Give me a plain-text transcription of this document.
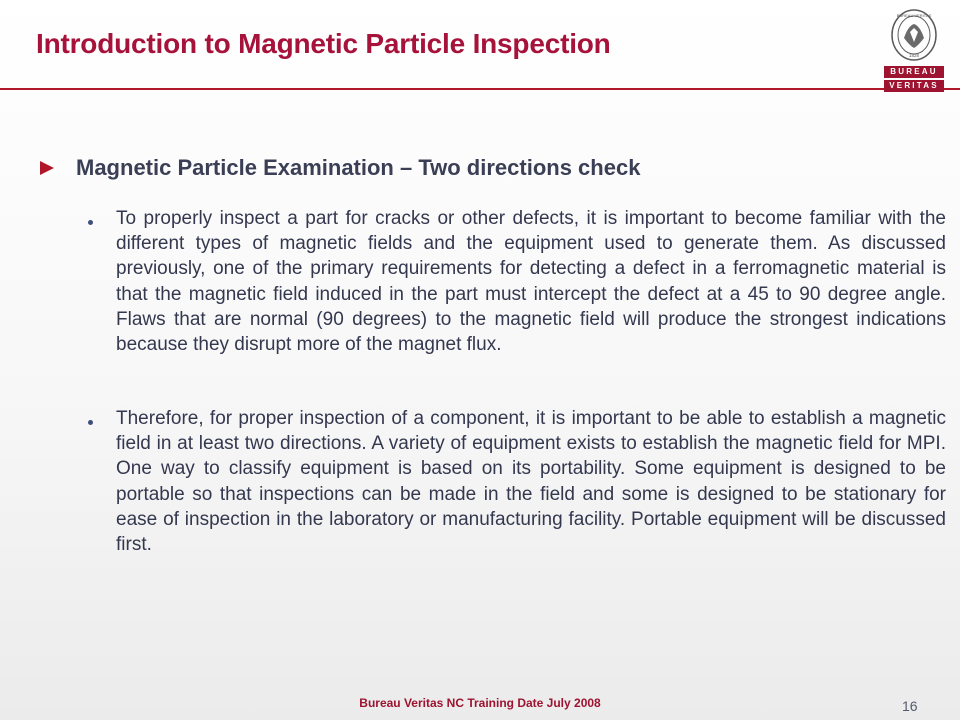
Introduction to Magnetic Particle Inspection
BUREAU VERITAS
1828
BUREAU
VERITAS
Magnetic Particle Examination – Two directions check
To properly inspect a part for cracks or other defects, it is important to become familiar with the different types of magnetic fields and the equipment used to generate them. As discussed previously, one of the primary requirements for detecting a defect in a ferromagnetic material is that the magnetic field induced in the part must intercept the defect at a 45 to 90 degree angle. Flaws that are normal (90 degrees) to the magnetic field will produce the strongest indications because they disrupt more of the magnet flux.
Therefore, for proper inspection of a component, it is important to be able to establish a magnetic field in at least two directions. A variety of equipment exists to establish the magnetic field for MPI. One way to classify equipment is based on its portability. Some equipment is designed to be portable so that inspections can be made in the field and some is designed to be stationary for ease of inspection in the laboratory or manufacturing facility. Portable equipment will be discussed first.
Bureau Veritas NC Training Date July 2008	16
